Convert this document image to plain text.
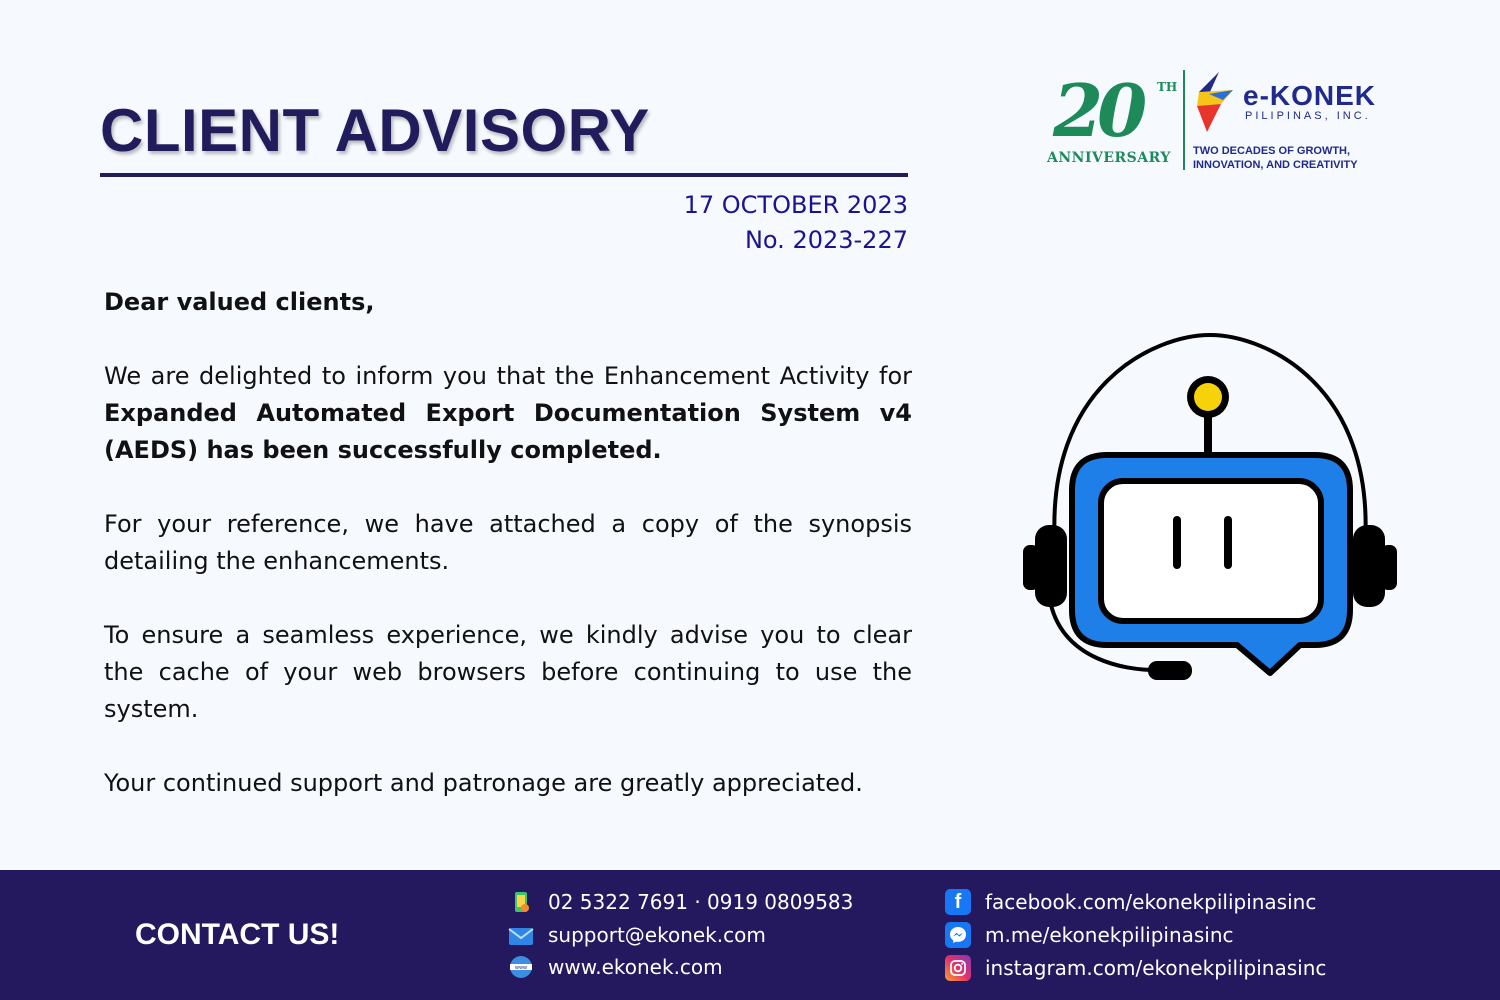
CLIENT ADVISORY
17 OCTOBER 2023
No. 2023-227
20 TH
ANNIVERSARY
e-KONEK
PILIPINAS, INC.
TWO DECADES OF GROWTH, INNOVATION, AND CREATIVITY

Dear valued clients,

We are delighted to inform you that the Enhancement Activity for Expanded Automated Export Documentation System v4 (AEDS) has been successfully completed.

For your reference, we have attached a copy of the synopsis detailing the enhancements.

To ensure a seamless experience, we kindly advise you to clear the cache of your web browsers before continuing to use the system.

Your continued support and patronage are greatly appreciated.

CONTACT US!
02 5322 7691 · 0919 0809583
support@ekonek.com
www www.ekonek.com
f facebook.com/ekonekpilipinasinc
m.me/ekonekpilipinasinc
instagram.com/ekonekpilipinasinc
